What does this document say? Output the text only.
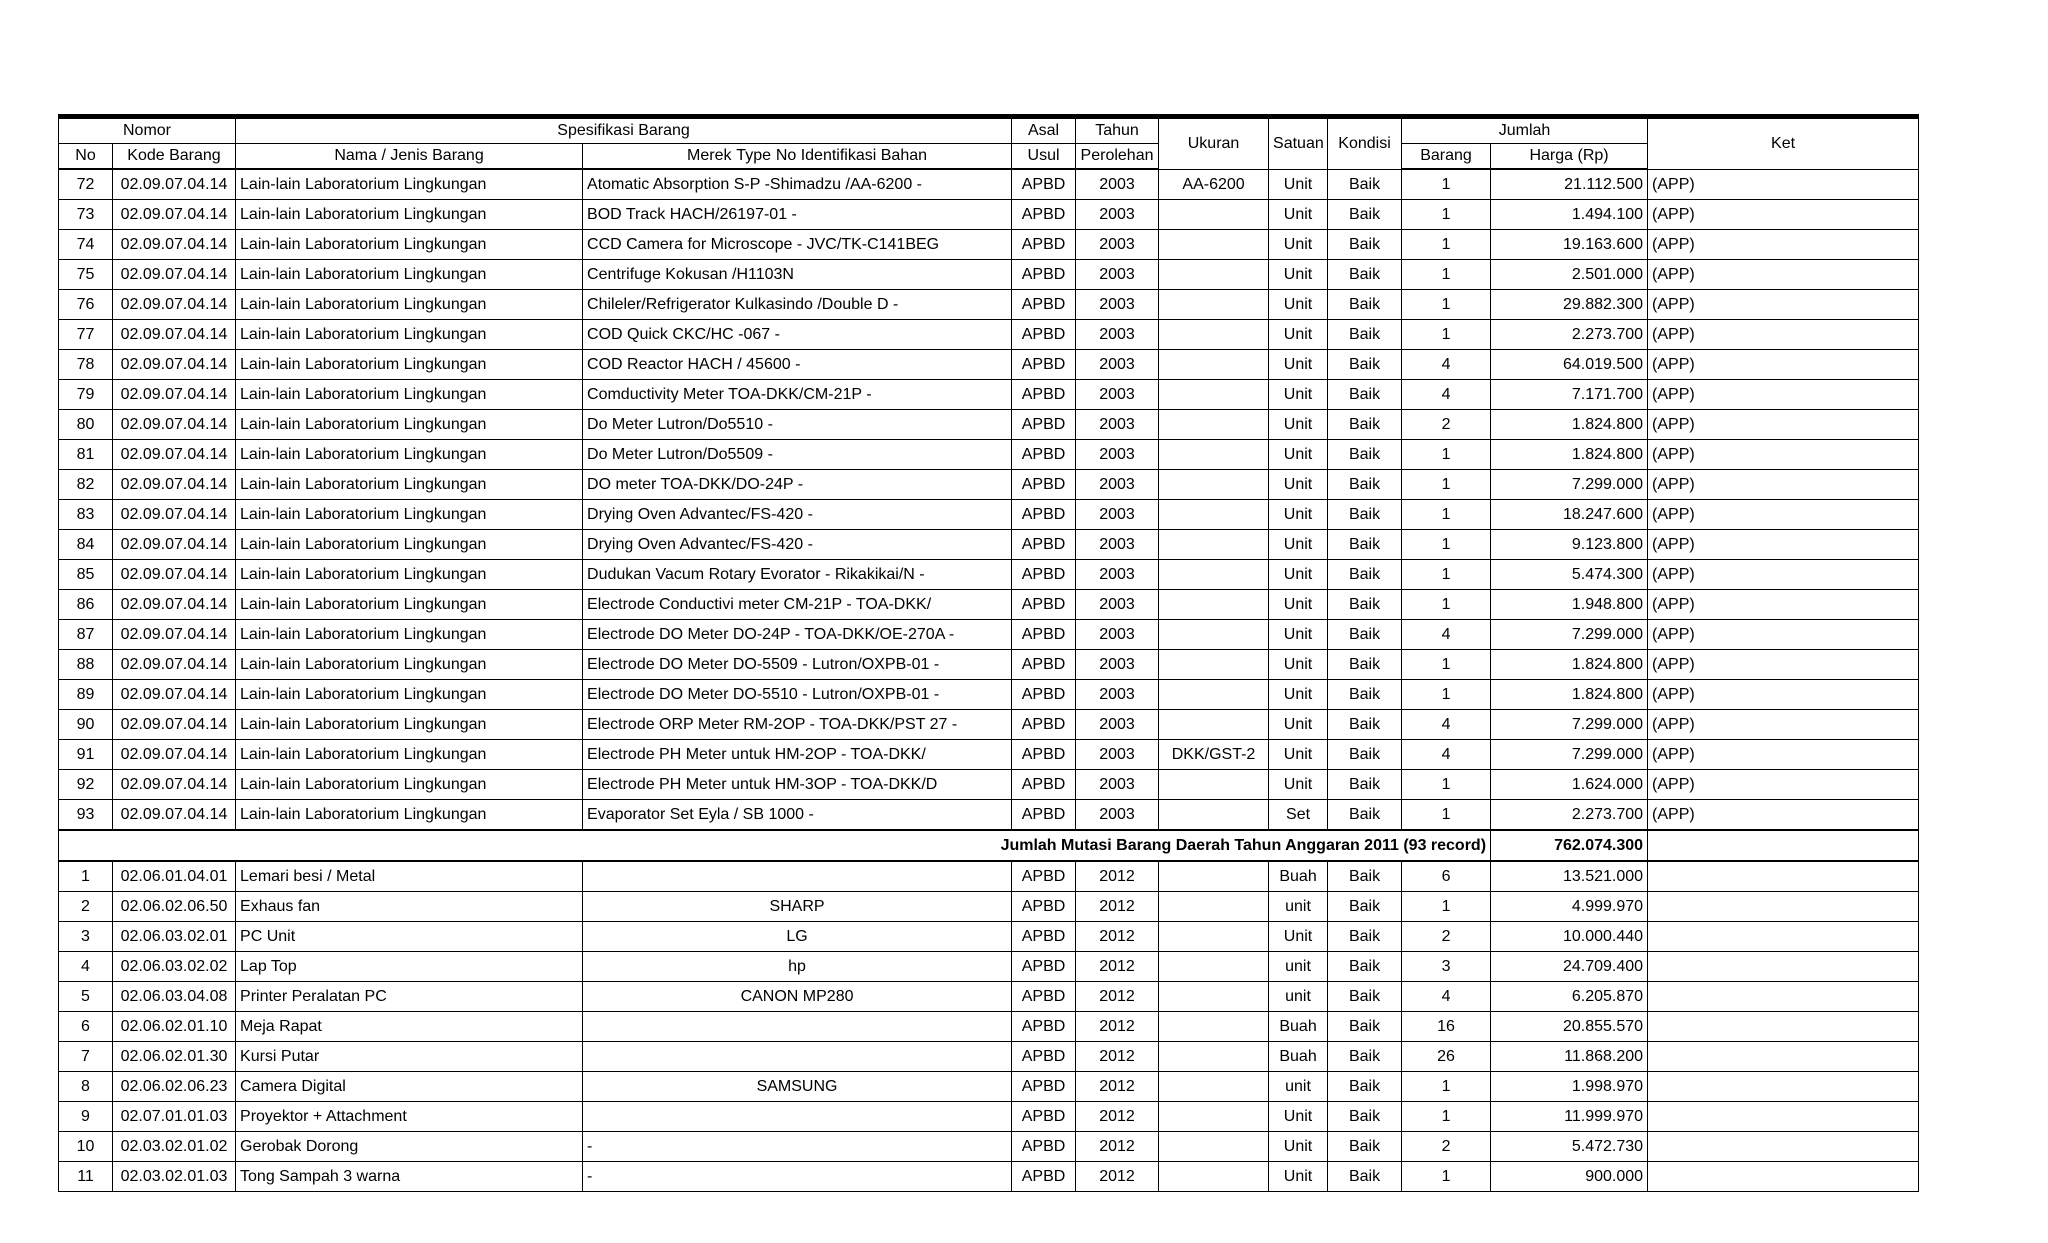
Nomor		Spesifikasi Barang		Asal	Tahun	Ukuran	Satuan	Kondisi	Jumlah		Ket
No	Kode Barang	Nama / Jenis Barang	Merek Type No Identifikasi Bahan	Usul	Perolehan				Barang	Harga (Rp)	
72	02.09.07.04.14	Lain-lain Laboratorium Lingkungan	Atomatic Absorption S-P -Shimadzu /AA-6200 -	APBD	2003	AA-6200	Unit	Baik	1	21.112.500	(APP)
73	02.09.07.04.14	Lain-lain Laboratorium Lingkungan	BOD Track HACH/26197-01 -	APBD	2003		Unit	Baik	1	1.494.100	(APP)
74	02.09.07.04.14	Lain-lain Laboratorium Lingkungan	CCD Camera for Microscope - JVC/TK-C141BEG	APBD	2003		Unit	Baik	1	19.163.600	(APP)
75	02.09.07.04.14	Lain-lain Laboratorium Lingkungan	Centrifuge Kokusan /H1103N	APBD	2003		Unit	Baik	1	2.501.000	(APP)
76	02.09.07.04.14	Lain-lain Laboratorium Lingkungan	Chileler/Refrigerator Kulkasindo /Double D -	APBD	2003		Unit	Baik	1	29.882.300	(APP)
77	02.09.07.04.14	Lain-lain Laboratorium Lingkungan	COD Quick CKC/HC -067 -	APBD	2003		Unit	Baik	1	2.273.700	(APP)
78	02.09.07.04.14	Lain-lain Laboratorium Lingkungan	COD Reactor HACH / 45600 -	APBD	2003		Unit	Baik	4	64.019.500	(APP)
79	02.09.07.04.14	Lain-lain Laboratorium Lingkungan	Comductivity Meter TOA-DKK/CM-21P -	APBD	2003		Unit	Baik	4	7.171.700	(APP)
80	02.09.07.04.14	Lain-lain Laboratorium Lingkungan	Do Meter Lutron/Do5510 -	APBD	2003		Unit	Baik	2	1.824.800	(APP)
81	02.09.07.04.14	Lain-lain Laboratorium Lingkungan	Do Meter Lutron/Do5509 -	APBD	2003		Unit	Baik	1	1.824.800	(APP)
82	02.09.07.04.14	Lain-lain Laboratorium Lingkungan	DO meter TOA-DKK/DO-24P -	APBD	2003		Unit	Baik	1	7.299.000	(APP)
83	02.09.07.04.14	Lain-lain Laboratorium Lingkungan	Drying Oven Advantec/FS-420 -	APBD	2003		Unit	Baik	1	18.247.600	(APP)
84	02.09.07.04.14	Lain-lain Laboratorium Lingkungan	Drying Oven Advantec/FS-420 -	APBD	2003		Unit	Baik	1	9.123.800	(APP)
85	02.09.07.04.14	Lain-lain Laboratorium Lingkungan	Dudukan Vacum Rotary Evorator - Rikakikai/N -	APBD	2003		Unit	Baik	1	5.474.300	(APP)
86	02.09.07.04.14	Lain-lain Laboratorium Lingkungan	Electrode Conductivi meter CM-21P - TOA-DKK/	APBD	2003		Unit	Baik	1	1.948.800	(APP)
87	02.09.07.04.14	Lain-lain Laboratorium Lingkungan	Electrode DO Meter DO-24P - TOA-DKK/OE-270A -	APBD	2003		Unit	Baik	4	7.299.000	(APP)
88	02.09.07.04.14	Lain-lain Laboratorium Lingkungan	Electrode DO Meter DO-5509 - Lutron/OXPB-01 -	APBD	2003		Unit	Baik	1	1.824.800	(APP)
89	02.09.07.04.14	Lain-lain Laboratorium Lingkungan	Electrode DO Meter DO-5510 - Lutron/OXPB-01 -	APBD	2003		Unit	Baik	1	1.824.800	(APP)
90	02.09.07.04.14	Lain-lain Laboratorium Lingkungan	Electrode ORP Meter RM-2OP - TOA-DKK/PST 27 -	APBD	2003		Unit	Baik	4	7.299.000	(APP)
91	02.09.07.04.14	Lain-lain Laboratorium Lingkungan	Electrode PH Meter untuk HM-2OP - TOA-DKK/	APBD	2003	DKK/GST-2	Unit	Baik	4	7.299.000	(APP)
92	02.09.07.04.14	Lain-lain Laboratorium Lingkungan	Electrode PH Meter untuk HM-3OP - TOA-DKK/D	APBD	2003		Unit	Baik	1	1.624.000	(APP)
93	02.09.07.04.14	Lain-lain Laboratorium Lingkungan	Evaporator Set Eyla / SB 1000 -	APBD	2003		Set	Baik	1	2.273.700	(APP)
Jumlah Mutasi Barang Daerah Tahun Anggaran 2011 (93 record)										762.074.300	
1	02.06.01.04.01	Lemari besi / Metal		APBD	2012		Buah	Baik	6	13.521.000	
2	02.06.02.06.50	Exhaus fan	SHARP	APBD	2012		unit	Baik	1	4.999.970	
3	02.06.03.02.01	PC Unit	LG	APBD	2012		Unit	Baik	2	10.000.440	
4	02.06.03.02.02	Lap Top	hp	APBD	2012		unit	Baik	3	24.709.400	
5	02.06.03.04.08	Printer Peralatan PC	CANON MP280	APBD	2012		unit	Baik	4	6.205.870	
6	02.06.02.01.10	Meja Rapat		APBD	2012		Buah	Baik	16	20.855.570	
7	02.06.02.01.30	Kursi Putar		APBD	2012		Buah	Baik	26	11.868.200	
8	02.06.02.06.23	Camera Digital	SAMSUNG	APBD	2012		unit	Baik	1	1.998.970	
9	02.07.01.01.03	Proyektor + Attachment		APBD	2012		Unit	Baik	1	11.999.970	
10	02.03.02.01.02	Gerobak Dorong	-	APBD	2012		Unit	Baik	2	5.472.730	
11	02.03.02.01.03	Tong Sampah 3 warna	-	APBD	2012		Unit	Baik	1	900.000	
